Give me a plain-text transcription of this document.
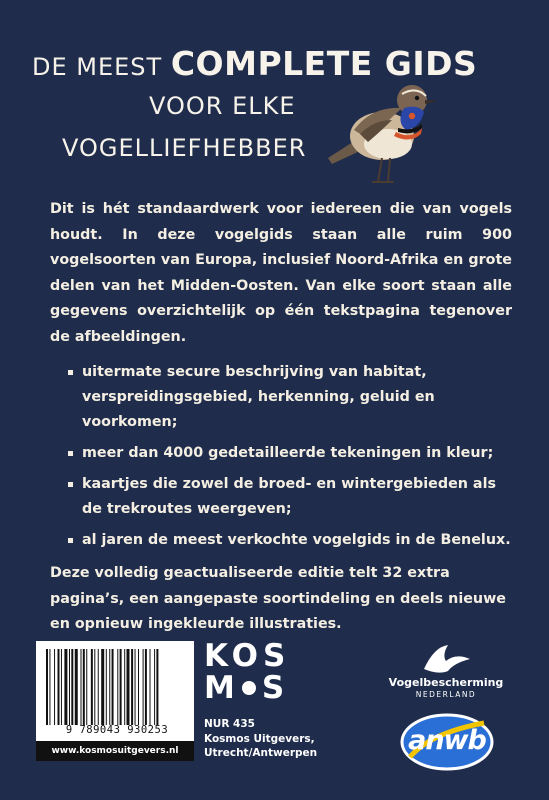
DE MEEST COMPLETE GIDS
VOOR ELKE
VOGELLIEFHEBBER

Dit is hét standaardwerk voor iedereen die van vogels houdt. In deze vogelgids staan alle ruim 900 vogelsoorten van Europa, inclusief Noord-Afrika en grote delen van het Midden-Oosten. Van elke soort staan alle gegevens overzichtelijk op één tekstpagina tegenover de afbeeldingen.

uitermate secure beschrijving van habitat, verspreidingsgebied, herkenning, geluid en voorkomen;
meer dan 4000 gedetailleerde tekeningen in kleur;
kaartjes die zowel de broed- en wintergebieden als de trekroutes weergeven;
al jaren de meest verkochte vogelgids in de Benelux.

Deze volledig geactualiseerde editie telt 32 extra pagina’s, een aangepaste soortindeling en deels nieuwe en opnieuw ingekleurde illustraties.

9 789043 930253
www.kosmosuitgevers.nl
KOS
M S
NUR 435
Kosmos Uitgevers,
Utrecht/Antwerpen
Vogelbescherming
NEDERLAND
anwb
